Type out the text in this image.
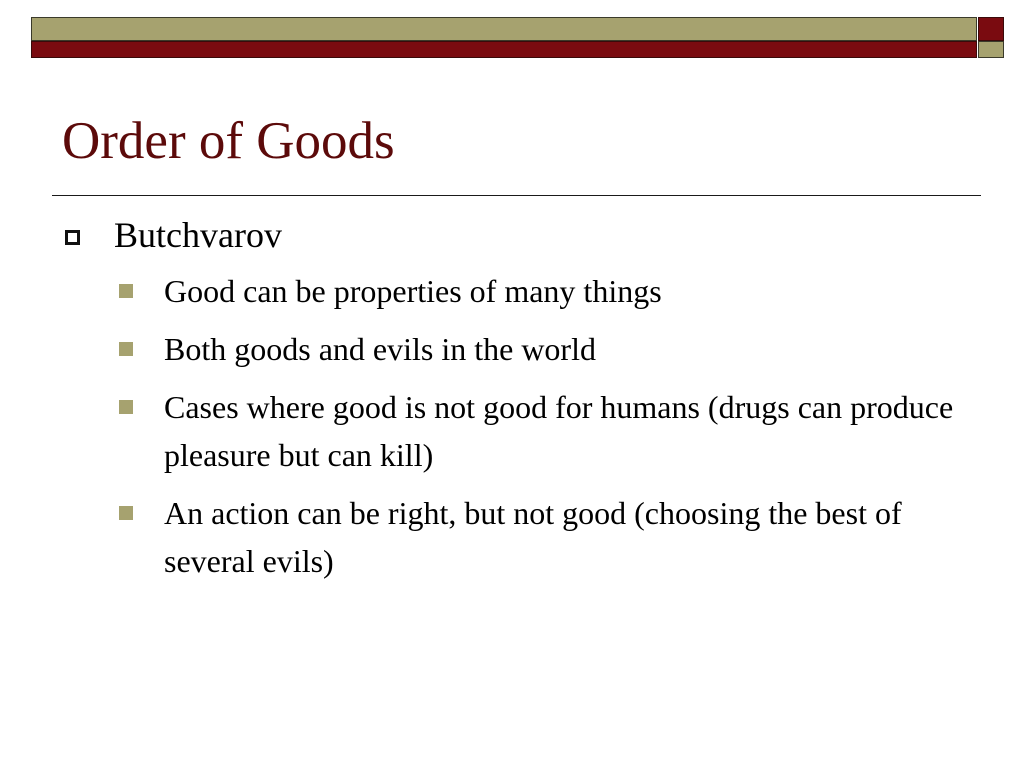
Order of Goods
Butchvarov
Good can be properties of many things
Both goods and evils in the world
Cases where good is not good for humans (drugs can produce pleasure but can kill)
An action can be right, but not good (choosing the best of several evils)
